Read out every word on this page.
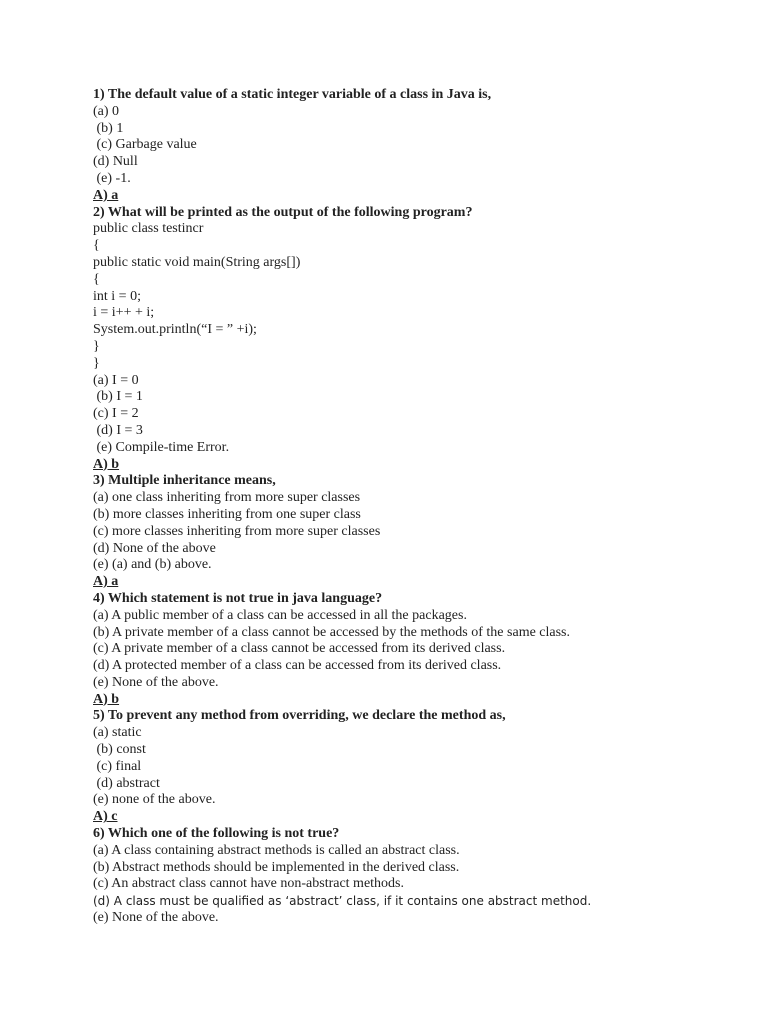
1) The default value of a static integer variable of a class in Java is,
(a) 0
(b) 1
(c) Garbage value
(d) Null
(e) -1.
A) a
2) What will be printed as the output of the following program?
public class testincr
{
public static void main(String args[])
{
int i = 0;
i = i++ + i;
System.out.println(“I = ” +i);
}
}
(a) I = 0
(b) I = 1
(c) I = 2
(d) I = 3
(e) Compile-time Error.
A) b
3) Multiple inheritance means,
(a) one class inheriting from more super classes
(b) more classes inheriting from one super class
(c) more classes inheriting from more super classes
(d) None of the above
(e) (a) and (b) above.
A) a
4) Which statement is not true in java language?
(a) A public member of a class can be accessed in all the packages.
(b) A private member of a class cannot be accessed by the methods of the same class.
(c) A private member of a class cannot be accessed from its derived class.
(d) A protected member of a class can be accessed from its derived class.
(e) None of the above.
A) b
5) To prevent any method from overriding, we declare the method as,
(a) static
(b) const
(c) final
(d) abstract
(e) none of the above.
A) c
6) Which one of the following is not true?
(a) A class containing abstract methods is called an abstract class.
(b) Abstract methods should be implemented in the derived class.
(c) An abstract class cannot have non-abstract methods.
(d) A class must be qualified as ‘abstract’ class, if it contains one abstract method.
(e) None of the above.
